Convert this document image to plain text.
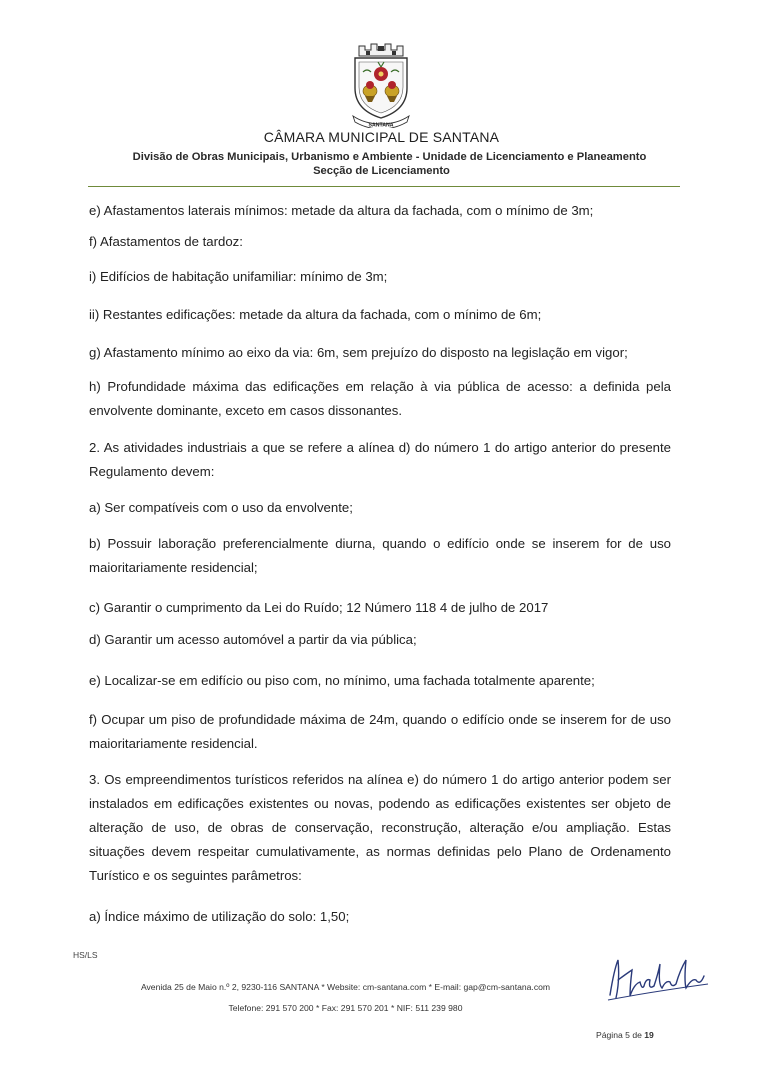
SANTANA
CÂMARA MUNICIPAL DE SANTANA
Divisão de Obras Municipais, Urbanismo e Ambiente - Unidade de Licenciamento e Planeamento
Secção de Licenciamento
e) Afastamentos laterais mínimos: metade da altura da fachada, com o mínimo de 3m;
f) Afastamentos de tardoz:
i) Edifícios de habitação unifamiliar: mínimo de 3m;
ii) Restantes edificações: metade da altura da fachada, com o mínimo de 6m;
g) Afastamento mínimo ao eixo da via: 6m, sem prejuízo do disposto na legislação em vigor;
h) Profundidade máxima das edificações em relação à via pública de acesso: a definida pela envolvente dominante, exceto em casos dissonantes.
2. As atividades industriais a que se refere a alínea d) do número 1 do artigo anterior do presente Regulamento devem:
a) Ser compatíveis com o uso da envolvente;
b) Possuir laboração preferencialmente diurna, quando o edifício onde se inserem for de uso maioritariamente residencial;
c) Garantir o cumprimento da Lei do Ruído; 12 Número 118 4 de julho de 2017
d) Garantir um acesso automóvel a partir da via pública;
e) Localizar-se em edifício ou piso com, no mínimo, uma fachada totalmente aparente;
f) Ocupar um piso de profundidade máxima de 24m, quando o edifício onde se inserem for de uso maioritariamente residencial.
3. Os empreendimentos turísticos referidos na alínea e) do número 1 do artigo anterior podem ser instalados em edificações existentes ou novas, podendo as edificações existentes ser objeto de alteração de uso, de obras de conservação, reconstrução, alteração e/ou ampliação. Estas situações devem respeitar cumulativamente, as normas definidas pelo Plano de Ordenamento Turístico e os seguintes parâmetros:
a) Índice máximo de utilização do solo: 1,50;
HS/LS
Avenida 25 de Maio n.º 2, 9230-116 SANTANA * Website: cm-santana.com * E-mail: gap@cm-santana.com
Telefone: 291 570 200 * Fax: 291 570 201 * NIF: 511 239 980
Página 5 de 19
